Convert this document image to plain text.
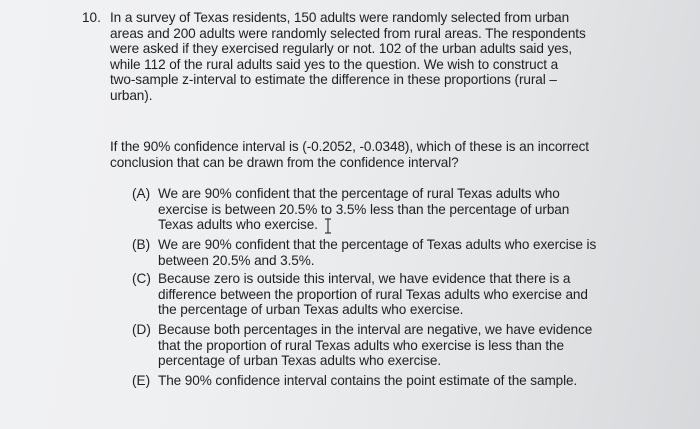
10. In a survey of Texas residents, 150 adults were randomly selected from urban
areas and 200 adults were randomly selected from rural areas. The respondents
were asked if they exercised regularly or not. 102 of the urban adults said yes,
while 112 of the rural adults said yes to the question. We wish to construct a
two-sample z-interval to estimate the difference in these proportions (rural –
urban).
If the 90% confidence interval is (-0.2052, -0.0348), which of these is an incorrect
conclusion that can be drawn from the confidence interval?
(A) We are 90% confident that the percentage of rural Texas adults who
exercise is between 20.5% to 3.5% less than the percentage of urban
Texas adults who exercise.
(B) We are 90% confident that the percentage of Texas adults who exercise is
between 20.5% and 3.5%.
(C) Because zero is outside this interval, we have evidence that there is a
difference between the proportion of rural Texas adults who exercise and
the percentage of urban Texas adults who exercise.
(D) Because both percentages in the interval are negative, we have evidence
that the proportion of rural Texas adults who exercise is less than the
percentage of urban Texas adults who exercise.
(E) The 90% confidence interval contains the point estimate of the sample.
